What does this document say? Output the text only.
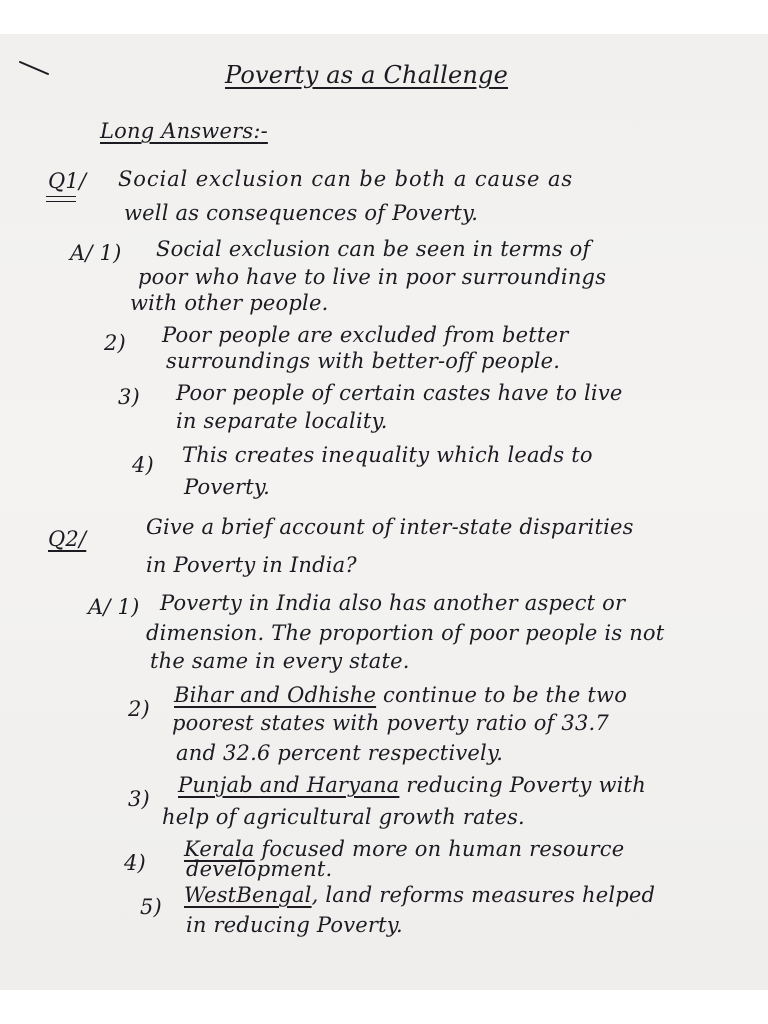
Poverty as a Challenge

Long Answers:-

Q1/ Social exclusion can be both a cause as

well as consequences of Poverty.

A/ 1) Social exclusion can be seen in terms of

poor who have to live in poor surroundings

with other people.

2) Poor people are excluded from better

surroundings with better-off people.

3) Poor people of certain castes have to live

in separate locality.

4) This creates inequality which leads to

Poverty.

Q2/	Give a brief account of inter-state disparities

in Poverty in India?

A/ 1) Poverty in India also has another aspect or

dimension. The proportion of poor people is not

the same in every state.

2)

Bihar and Odhishe continue to be the two

poorest states with poverty ratio of 33.7

and 32.6 percent respectively.

3)

Punjab and Haryana reducing Poverty with

help of agricultural growth rates.

4)

Kerala focused more on human resource

development.

5) WestBengal, land reforms measures helped

in reducing Poverty.
